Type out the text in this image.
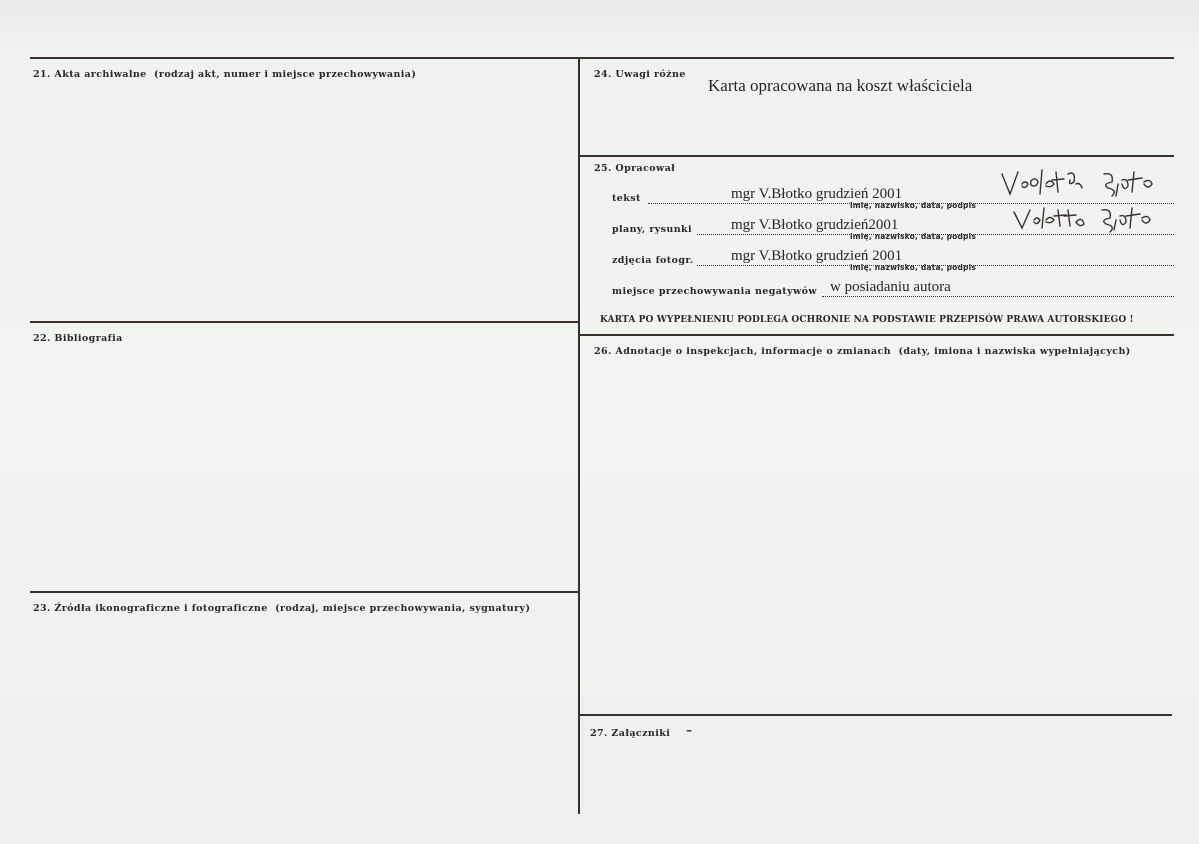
21. Akta archiwalne (rodzaj akt, numer i miejsce przechowywania)
22. Bibliografia
23. Źródła ikonograficzne i fotograficzne (rodzaj, miejsce przechowywania, sygnatury)
24. Uwagi różne
Karta opracowana na koszt właściciela
25. Opracował
tekst	mgr V.Błotko grudzień 2001
imię, nazwisko, data, podpis
plany, rysunki	mgr V.Błotko grudzień2001
imię, nazwisko, data, podpis
zdjęcia fotogr. mgr V.Błotko grudzień 2001
imię, nazwisko, data, podpis
miejsce przechowywania negatywów w posiadaniu autora
KARTA PO WYPEŁNIENIU PODLEGA OCHRONIE NA PODSTAWIE PRZEPISÓW PRAWA AUTORSKIEGO !
26. Adnotacje o inspekcjach, informacje o zmianach (daty, imiona i nazwiska wypełniających)
27. Załączniki -
